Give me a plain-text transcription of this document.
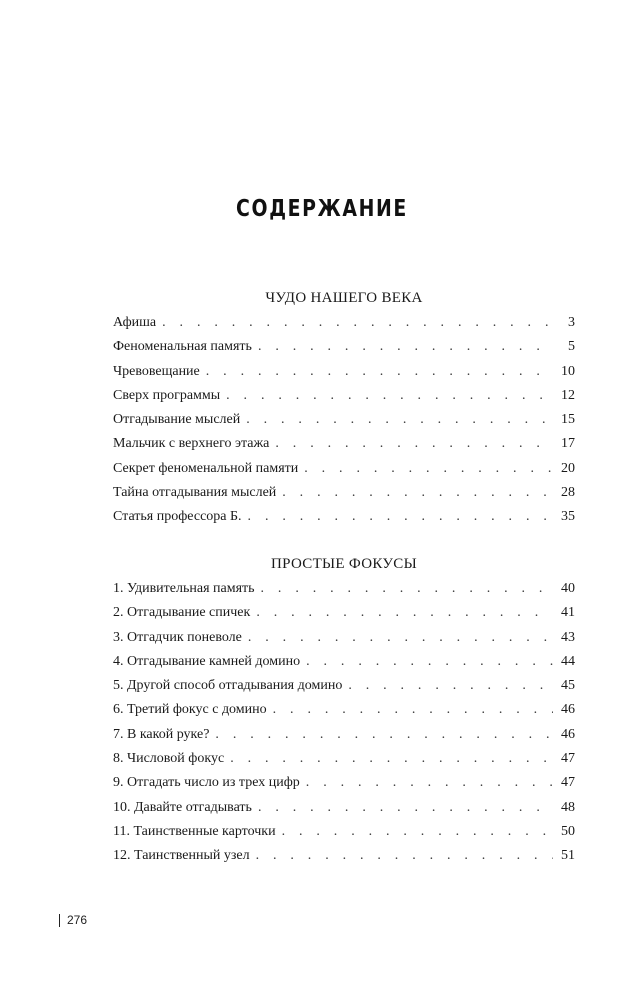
СОДЕРЖАНИЕ
ЧУДО НАШЕГО ВЕКА
Афиша . . .	3
Феноменальная память . . .	5
Чревовещание . . .	10
Сверх программы . . .	12
Отгадывание мыслей . . .	15
Мальчик с верхнего этажа . . .	17
Секрет феноменальной памяти . . .	20
Тайна отгадывания мыслей . . .	28
Статья профессора Б. . . .	35
ПРОСТЫЕ ФОКУСЫ
1. Удивительная память . . .	40
2. Отгадывание спичек . . .	41
3. Отгадчик поневоле . . .	43
4. Отгадывание камней домино . . .	44
5. Другой способ отгадывания домино . . .	45
6. Третий фокус с домино . . .	46
7. В какой руке? . . .	46
8. Числовой фокус . . .	47
9. Отгадать число из трех цифр . . .	47
10. Давайте отгадывать . . .	48
11. Таинственные карточки . . .	50
12. Таинственный узел . . .	51
276
